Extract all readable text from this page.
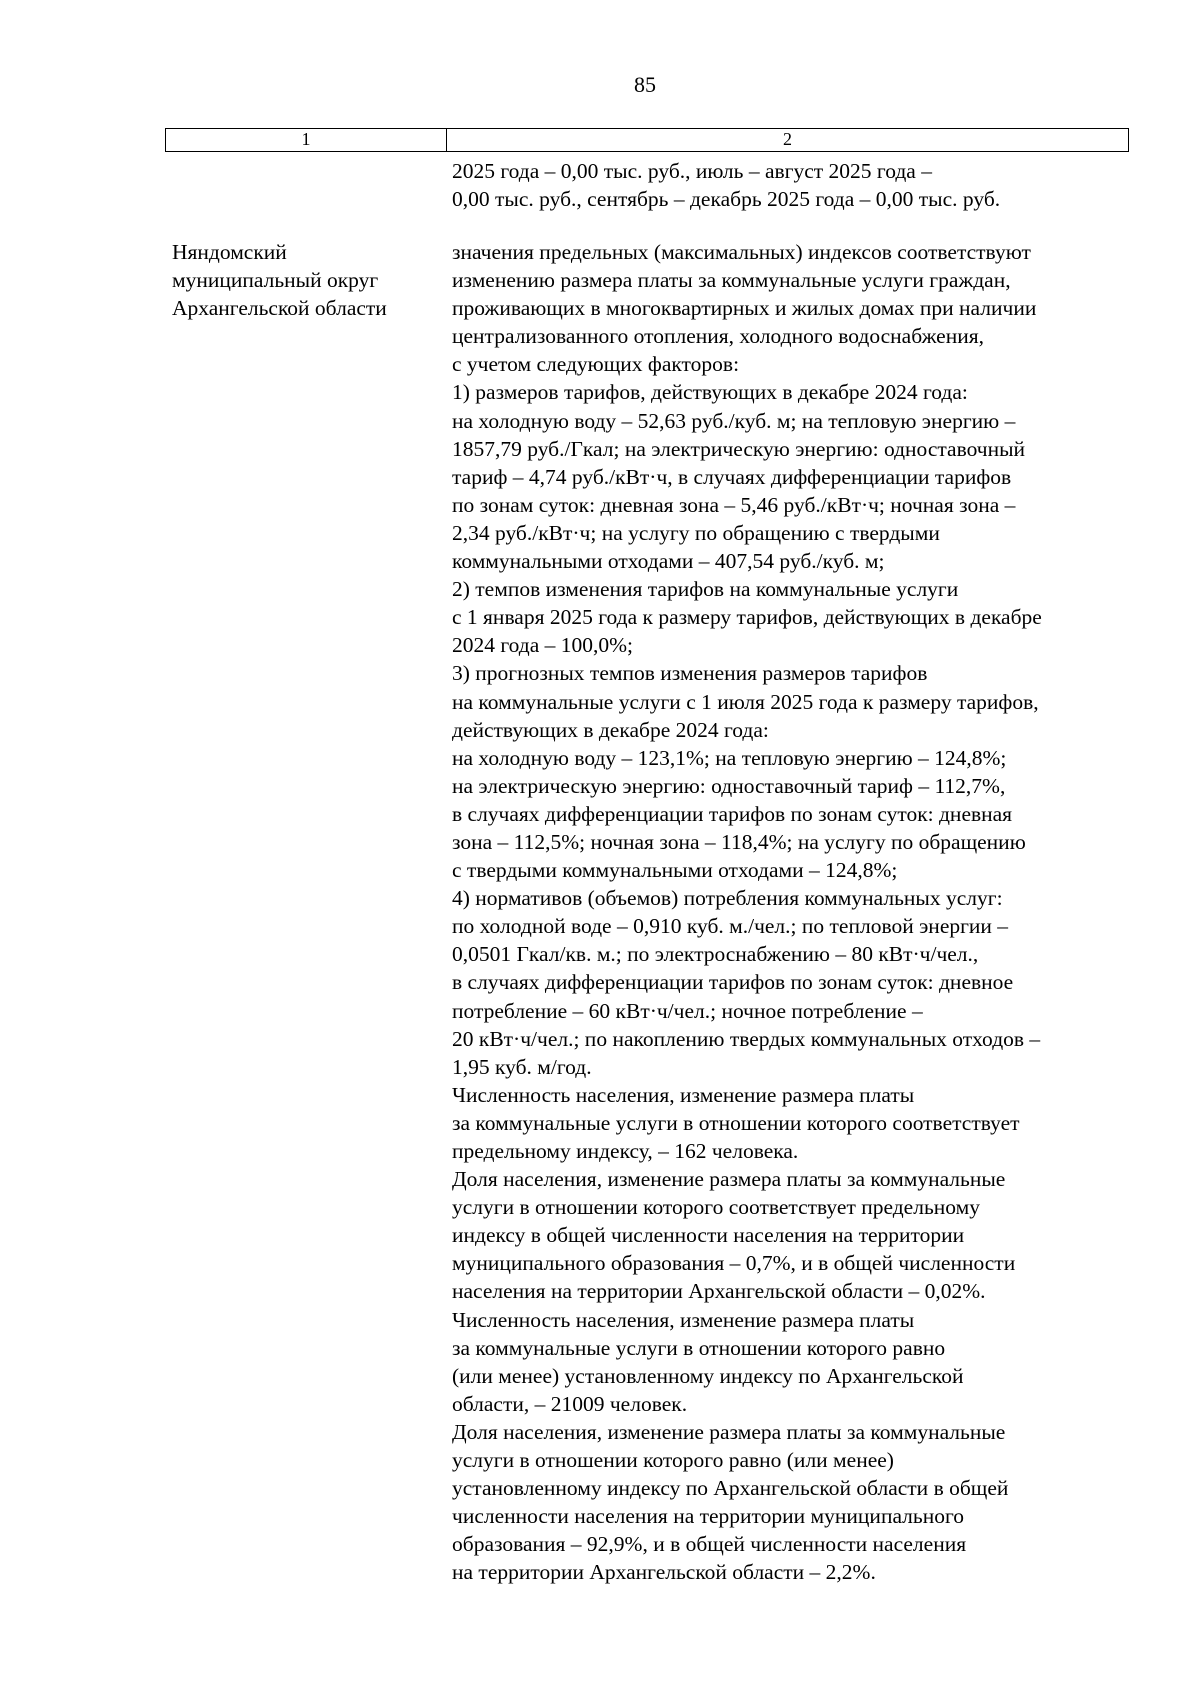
85
1	2
2025 года – 0,00 тыс. руб., июль – август 2025 года –
0,00 тыс. руб., сентябрь – декабрь 2025 года – 0,00 тыс. руб.
Няндомский
муниципальный округ
Архангельской области
значения предельных (максимальных) индексов соответствуют
изменению размера платы за коммунальные услуги граждан,
проживающих в многоквартирных и жилых домах при наличии
централизованного отопления, холодного водоснабжения,
с учетом следующих факторов:
1) размеров тарифов, действующих в декабре 2024 года:
на холодную воду – 52,63 руб./куб. м; на тепловую энергию –
1857,79 руб./Гкал; на электрическую энергию: одноставочный
тариф – 4,74 руб./кВт·ч, в случаях дифференциации тарифов
по зонам суток: дневная зона – 5,46 руб./кВт·ч; ночная зона –
2,34 руб./кВт·ч; на услугу по обращению с твердыми
коммунальными отходами – 407,54 руб./куб. м;
2) темпов изменения тарифов на коммунальные услуги
с 1 января 2025 года к размеру тарифов, действующих в декабре
2024 года – 100,0%;
3) прогнозных темпов изменения размеров тарифов
на коммунальные услуги с 1 июля 2025 года к размеру тарифов,
действующих в декабре 2024 года:
на холодную воду – 123,1%; на тепловую энергию – 124,8%;
на электрическую энергию: одноставочный тариф – 112,7%,
в случаях дифференциации тарифов по зонам суток: дневная
зона – 112,5%; ночная зона – 118,4%; на услугу по обращению
с твердыми коммунальными отходами – 124,8%;
4) нормативов (объемов) потребления коммунальных услуг:
по холодной воде – 0,910 куб. м./чел.; по тепловой энергии –
0,0501 Гкал/кв. м.; по электроснабжению – 80 кВт·ч/чел.,
в случаях дифференциации тарифов по зонам суток: дневное
потребление – 60 кВт·ч/чел.; ночное потребление –
20 кВт·ч/чел.; по накоплению твердых коммунальных отходов –
1,95 куб. м/год.
Численность населения, изменение размера платы
за коммунальные услуги в отношении которого соответствует
предельному индексу, – 162 человека.
Доля населения, изменение размера платы за коммунальные
услуги в отношении которого соответствует предельному
индексу в общей численности населения на территории
муниципального образования – 0,7%, и в общей численности
населения на территории Архангельской области – 0,02%.
Численность населения, изменение размера платы
за коммунальные услуги в отношении которого равно
(или менее) установленному индексу по Архангельской
области, – 21009 человек.
Доля населения, изменение размера платы за коммунальные
услуги в отношении которого равно (или менее)
установленному индексу по Архангельской области в общей
численности населения на территории муниципального
образования – 92,9%, и в общей численности населения
на территории Архангельской области – 2,2%.
